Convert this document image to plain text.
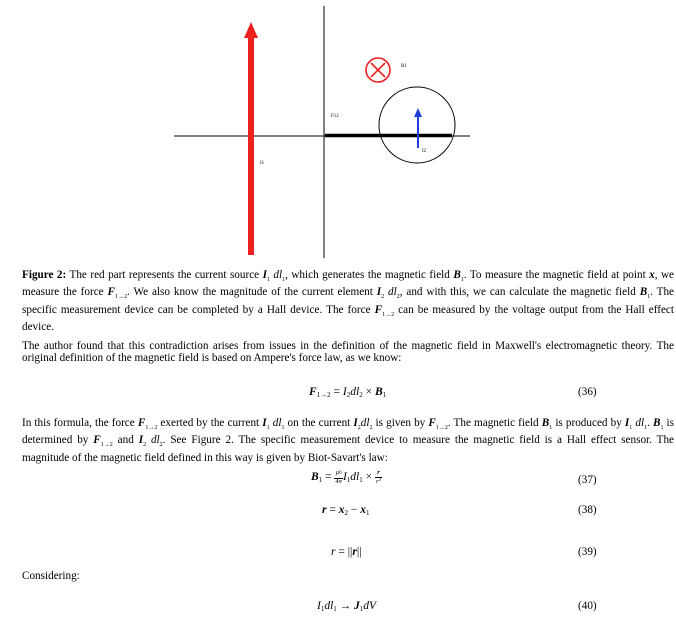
I1
F12
B1
I2
Figure 2: The red part represents the current source $I_1$ $dl_1$, which generates the magnetic field $B_1$. To measure the magnetic field at point x, we measure the force $F_{1\to 2}$. We also know the magnitude of the current element $I_2$ $dl_2$, and with this, we can calculate the magnetic field $B_1$. The specific measurement device can be completed by a Hall device. The force $F_{1\to 2}$ can be measured by the voltage output from the Hall effect device.
The author found that this contradiction arises from issues in the definition of the magnetic field in Maxwell's electromagnetic theory. The original definition of the magnetic field is based on Ampere's force law, as we know:
$F_{1\to 2} = I_2dl_2 \times B_1$	(36)
In this formula, the force $F_{1\to 2}$ exerted by the current $I_1$ $dl_1$ on the current $I_2dl_2$ is given by $F_{1\to 2}$. The magnetic field $B_1$ is produced by $I_1$ $dl_1$. $B_1$ is determined by $F_{1\to 2}$ and $I_2$ $dl_2$. See Figure 2. The specific measurement device to measure the magnetic field is a Hall effect sensor. The magnitude of the magnetic field defined in this way is given by Biot-Savart's law:
$B_1 = \frac{\mu 0}{4\pi} I_1dl_1 \times \frac{r}{r^3}$	(37)
$r = x_2 - x_1$	(38)
r = ||r||	(39)
Considering:
$I_1dl_1 \to J_1dV$	(40)
